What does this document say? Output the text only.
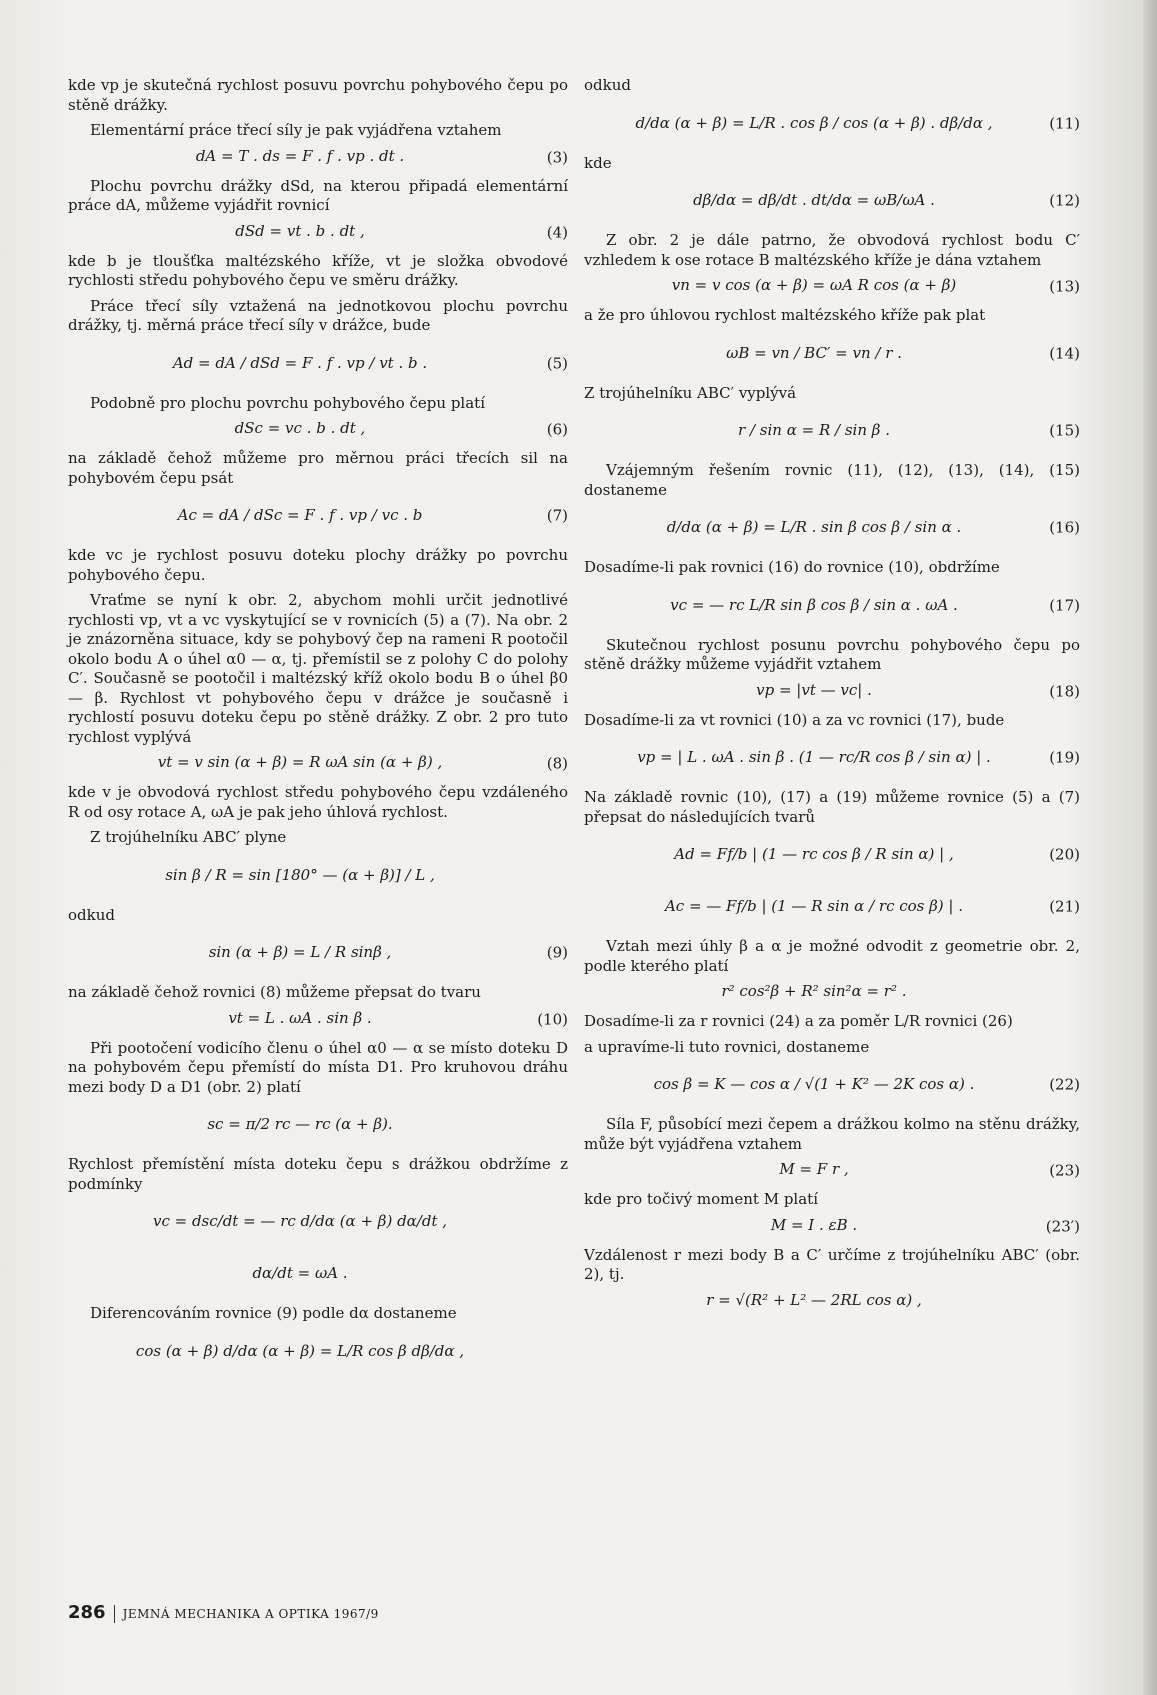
kde vp je skutečná rychlost posuvu povrchu pohybového čepu po stěně drážky.

Elementární práce třecí síly je pak vyjádřena vztahem

dA = T . ds = F . f . vp . dt .	(3)

Plochu povrchu drážky dSd, na kterou připadá elementární práce dA, můžeme vyjádřit rovnicí

dSd = vt . b . dt ,	(4)

kde b je tloušťka maltézského kříže, vt je složka obvodové rychlosti středu pohybového čepu ve směru drážky.

Práce třecí síly vztažená na jednotkovou plochu povrchu drážky, tj. měrná práce třecí síly v drážce, bude

Ad = dA / dSd = F . f . vp / vt . b .	(5)

Podobně pro plochu povrchu pohybového čepu platí

dSc = vc . b . dt ,	(6)

na základě čehož můžeme pro měrnou práci třecích sil na pohybovém čepu psát

Ac = dA / dSc = F . f . vp / vc . b	(7)

kde vc je rychlost posuvu doteku plochy drážky po povrchu pohybového čepu.

Vraťme se nyní k obr. 2, abychom mohli určit jednotlivé rychlosti vp, vt a vc vyskytující se v rovnicích (5) a (7). Na obr. 2 je znázorněna situace, kdy se pohybový čep na rameni R pootočil okolo bodu A o úhel α0 — α, tj. přemístil se z polohy C do polohy C′. Současně se pootočil i maltézský kříž okolo bodu B o úhel β0 — β. Rychlost vt pohybového čepu v drážce je současně i rychlostí posuvu doteku čepu po stěně drážky. Z obr. 2 pro tuto rychlost vyplývá

vt = v sin (α + β) = R ωA sin (α + β) ,	(8)

kde v je obvodová rychlost středu pohybového čepu vzdáleného R od osy rotace A, ωA je pak jeho úhlová rychlost.

Z trojúhelníku ABC′ plyne

sin β / R = sin [180° — (α + β)] / L ,

odkud

sin (α + β) = L / R sinβ ,	(9)

na základě čehož rovnici (8) můžeme přepsat do tvaru

vt = L . ωA . sin β .	(10)

Při pootočení vodicího členu o úhel α0 — α se místo doteku D na pohybovém čepu přemístí do místa D1. Pro kruhovou dráhu mezi body D a D1 (obr. 2) platí

sc = π/2 rc — rc (α + β).

Rychlost přemístění místa doteku čepu s drážkou obdržíme z podmínky

vc = dsc/dt = — rc d/dα (α + β) dα/dt ,
dα/dt = ωA .

Diferencováním rovnice (9) podle dα dostaneme

cos (α + β) d/dα (α + β) = L/R cos β dβ/dα ,

odkud

d/dα (α + β) = L/R . cos β / cos (α + β) . dβ/dα ,	(11)

kde

dβ/dα = dβ/dt . dt/dα = ωB/ωA .	(12)

Z obr. 2 je dále patrno, že obvodová rychlost bodu C′ vzhledem k ose rotace B maltézského kříže je dána vztahem

vn = v cos (α + β) = ωA R cos (α + β)	(13)

a že pro úhlovou rychlost maltézského kříže pak plat

ωB = vn / BC′ = vn / r .	(14)

Z trojúhelníku ABC′ vyplývá

r / sin α = R / sin β .	(15)

Vzájemným řešením rovnic (11), (12), (13), (14), (15) dostaneme

d/dα (α + β) = L/R . sin β cos β / sin α .	(16)

Dosadíme-li pak rovnici (16) do rovnice (10), obdržíme

vc = — rc L/R sin β cos β / sin α . ωA .	(17)

Skutečnou rychlost posunu povrchu pohybového čepu po stěně drážky můžeme vyjádřit vztahem

vp = |vt — vc| .	(18)

Dosadíme-li za vt rovnici (10) a za vc rovnici (17), bude

vp = | L . ωA . sin β . (1 — rc/R cos β / sin α) | .	(19)

Na základě rovnic (10), (17) a (19) můžeme rovnice (5) a (7) přepsat do následujících tvarů

Ad = Ff/b | (1 — rc cos β / R sin α) | ,	(20)
Ac = — Ff/b | (1 — R sin α / rc cos β) | .	(21)

Vztah mezi úhly β a α je možné odvodit z geometrie obr. 2, podle kterého platí

r² cos²β + R² sin²α = r² .

Dosadíme-li za r rovnici (24) a za poměr L/R rovnici (26)

a upravíme-li tuto rovnici, dostaneme

cos β = K — cos α / √(1 + K² — 2K cos α) .	(22)

Síla F, působící mezi čepem a drážkou kolmo na stěnu drážky, může být vyjádřena vztahem

M = F r ,	(23)

kde pro točivý moment M platí

M = I . εB .	(23′)

Vzdálenost r mezi body B a C′ určíme z trojúhelníku ABC′ (obr. 2), tj.

r = √(R² + L² — 2RL cos α) ,
286 JEMNÁ MECHANIKA A OPTIKA 1967/9
